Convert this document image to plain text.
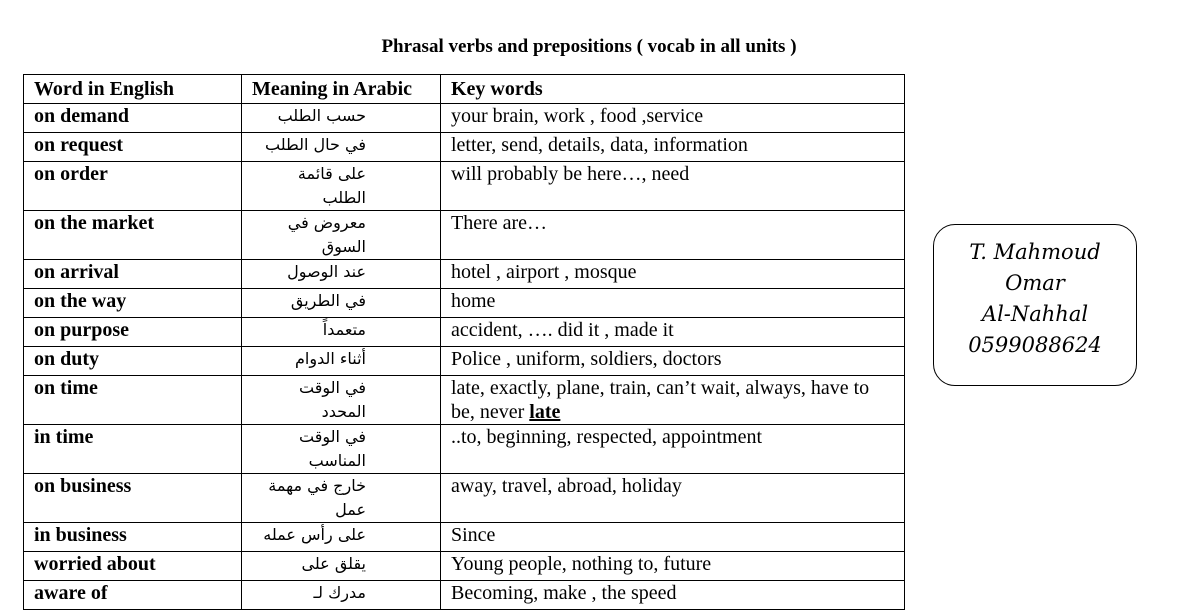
Phrasal verbs and prepositions ( vocab in all units )
Word in English	Meaning in Arabic	Key words
on demand	حسب الطلب	your brain, work , food ,service
on request	في حال الطلب	letter, send, details, data, information
on order	على قائمة الطلب	will probably be here…, need
on the market	معروض في السوق	There are…
on arrival	عند الوصول	hotel , airport , mosque
on the way	في الطريق	home
on purpose	متعمداً	accident, …. did it , made it
on duty	أثناء الدوام	Police , uniform, soldiers, doctors
on time	في الوقت المحدد	late, exactly, plane, train, can’t wait, always, have to be, never late
in time	في الوقت المناسب	..to, beginning, respected, appointment
on business	خارج في مهمة عمل	away, travel, abroad, holiday
in business	على رأس عمله	Since
worried about	يقلق على	Young people, nothing to, future
aware of	مدرك لـ	Becoming, make , the speed
T. Mahmoud
Omar
Al-Nahhal
0599088624
